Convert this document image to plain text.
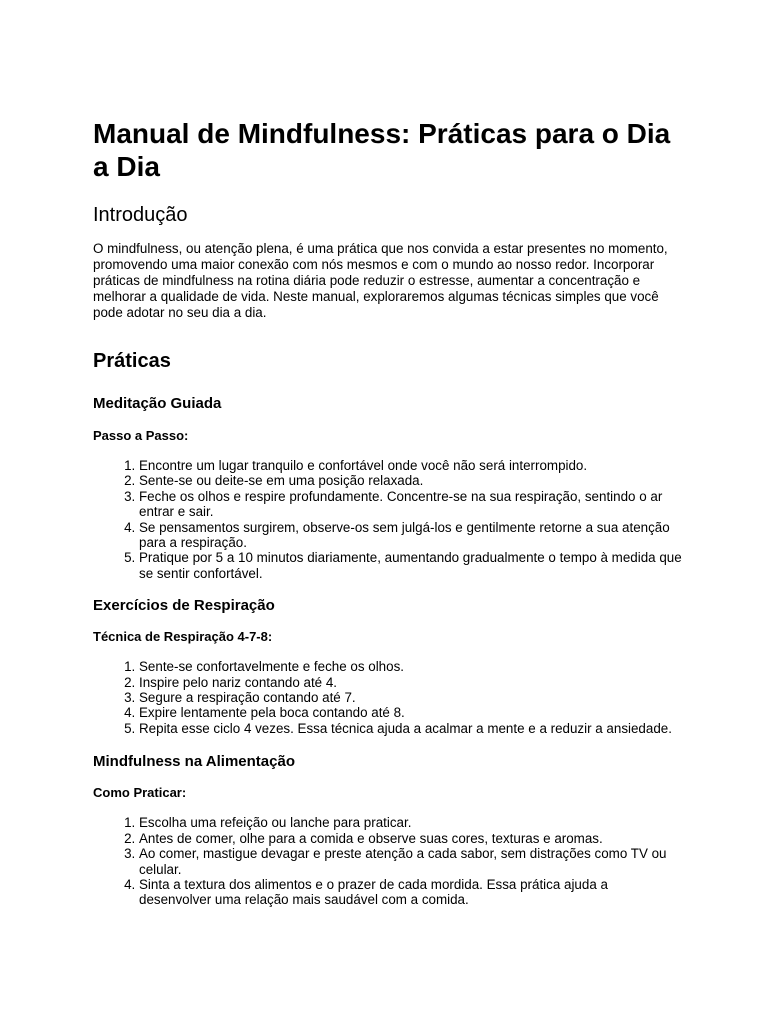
Manual de Mindfulness: Práticas para o Dia a Dia
Introdução

O mindfulness, ou atenção plena, é uma prática que nos convida a estar presentes no momento, promovendo uma maior conexão com nós mesmos e com o mundo ao nosso redor. Incorporar práticas de mindfulness na rotina diária pode reduzir o estresse, aumentar a concentração e melhorar a qualidade de vida. Neste manual, exploraremos algumas técnicas simples que você pode adotar no seu dia a dia.

Práticas
Meditação Guiada
Passo a Passo:
1. Encontre um lugar tranquilo e confortável onde você não será interrompido.
2. Sente-se ou deite-se em uma posição relaxada.
3. Feche os olhos e respire profundamente. Concentre-se na sua respiração, sentindo o ar entrar e sair.
4. Se pensamentos surgirem, observe-os sem julgá-los e gentilmente retorne a sua atenção para a respiração.
5. Pratique por 5 a 10 minutos diariamente, aumentando gradualmente o tempo à medida que se sentir confortável.
Exercícios de Respiração
Técnica de Respiração 4-7-8:
1. Sente-se confortavelmente e feche os olhos.
2. Inspire pelo nariz contando até 4.
3. Segure a respiração contando até 7.
4. Expire lentamente pela boca contando até 8.
5. Repita esse ciclo 4 vezes. Essa técnica ajuda a acalmar a mente e a reduzir a ansiedade.
Mindfulness na Alimentação
Como Praticar:
1. Escolha uma refeição ou lanche para praticar.
2. Antes de comer, olhe para a comida e observe suas cores, texturas e aromas.
3. Ao comer, mastigue devagar e preste atenção a cada sabor, sem distrações como TV ou celular.
4. Sinta a textura dos alimentos e o prazer de cada mordida. Essa prática ajuda a desenvolver uma relação mais saudável com a comida.
